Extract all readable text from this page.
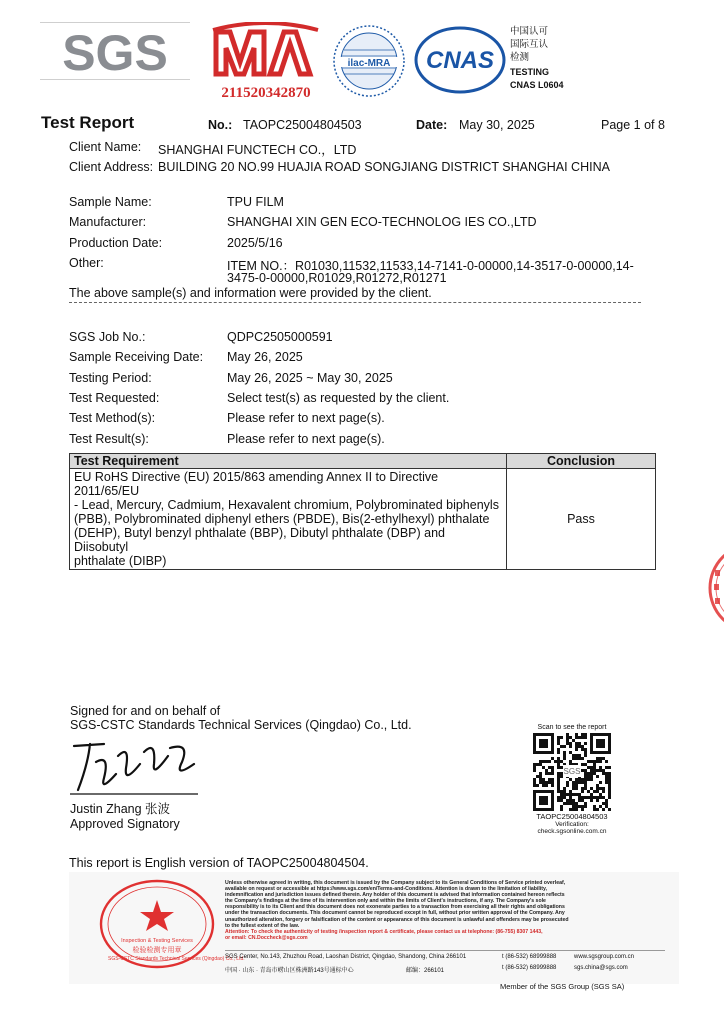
SGS
211520342870
ilac-MRA CNAS
中国认可
国际互认
检测
TESTING
CNAS L0604
Test Report	No.: TAOPC25004804503	Date: May 30, 2025	Page 1 of 8
Client Name: SHANGHAI FUNCTECH CO.，LTD
Client Address: BUILDING 20 NO.99 HUAJIA ROAD SONGJIANG DISTRICT SHANGHAI CHINA
Sample Name:	TPU FILM
Manufacturer:	SHANGHAI XIN GEN ECO-TECHNOLOG IES CO.,LTD
Production Date:	2025/5/16
Other:	ITEM NO.：R01030,11532,11533,14-7141-0-00000,14-3517-0-00000,14-
3475-0-00000,R01029,R01272,R01271
The above sample(s) and information were provided by the client.
SGS Job No.:	QDPC2505000591
Sample Receiving Date: May 26, 2025
Testing Period:	May 26, 2025 ~ May 30, 2025
Test Requested:	Select test(s) as requested by the client.
Test Method(s):	Please refer to next page(s).
Test Result(s):	Please refer to next page(s).
Test Requirement	Conclusion

EU RoHS Directive (EU) 2015/863 amending Annex II to Directive 2011/65/EU
- Lead, Mercury, Cadmium, Hexavalent chromium, Polybrominated biphenyls
(PBB), Polybrominated diphenyl ethers (PBDE), Bis(2-ethylhexyl) phthalate
(DEHP), Butyl benzyl phthalate (BBP), Dibutyl phthalate (DBP) and Diisobutyl
phthalate (DIBP)	Pass
Signed for and on behalf of
SGS-CSTC Standards Technical Services (Qingdao) Co., Ltd.
Justin Zhang 张波
Approved Signatory
Scan to see the report
SGS
TAOPC25004804503
Verification:
check.sgsonline.com.cn
This report is English version of TAOPC25004804504.
Inspection & Testing Services
检验检测专用章
SGS-CSTC Standards Technical Services (Qingdao) Co., Ltd.
Unless otherwise agreed in writing, this document is issued by the Company subject to its General Conditions of Service printed overleaf,
available on request or accessible at https://www.sgs.com/en/Terms-and-Conditions. Attention is drawn to the limitation of liability,
indemnification and jurisdiction issues defined therein. Any holder of this document is advised that information contained hereon reflects
the Company's findings at the time of its intervention only and within the limits of Client's instructions, if any. The Company's sole
responsibility is to its Client and this document does not exonerate parties to a transaction from exercising all their rights and obligations
under the transaction documents. This document cannot be reproduced except in full, without prior written approval of the Company. Any
unauthorized alteration, forgery or falsification of the content or appearance of this document is unlawful and offenders may be prosecuted
to the fullest extent of the law.
Attention: To check the authenticity of testing /inspection report & certificate, please contact us at telephone: (86-755) 8307 1443,
or email: CN.Doccheck@sgs.com
SGS Center, No.143, Zhuzhou Road, Laoshan District, Qingdao, Shandong, China 266101
中国 · 山东 · 青岛市崂山区株洲路143号通标中心	邮编：266101
t (86-532) 68999888
t (86-532) 68999888
www.sgsgroup.com.cn
sgs.china@sgs.com
Member of the SGS Group (SGS SA)
